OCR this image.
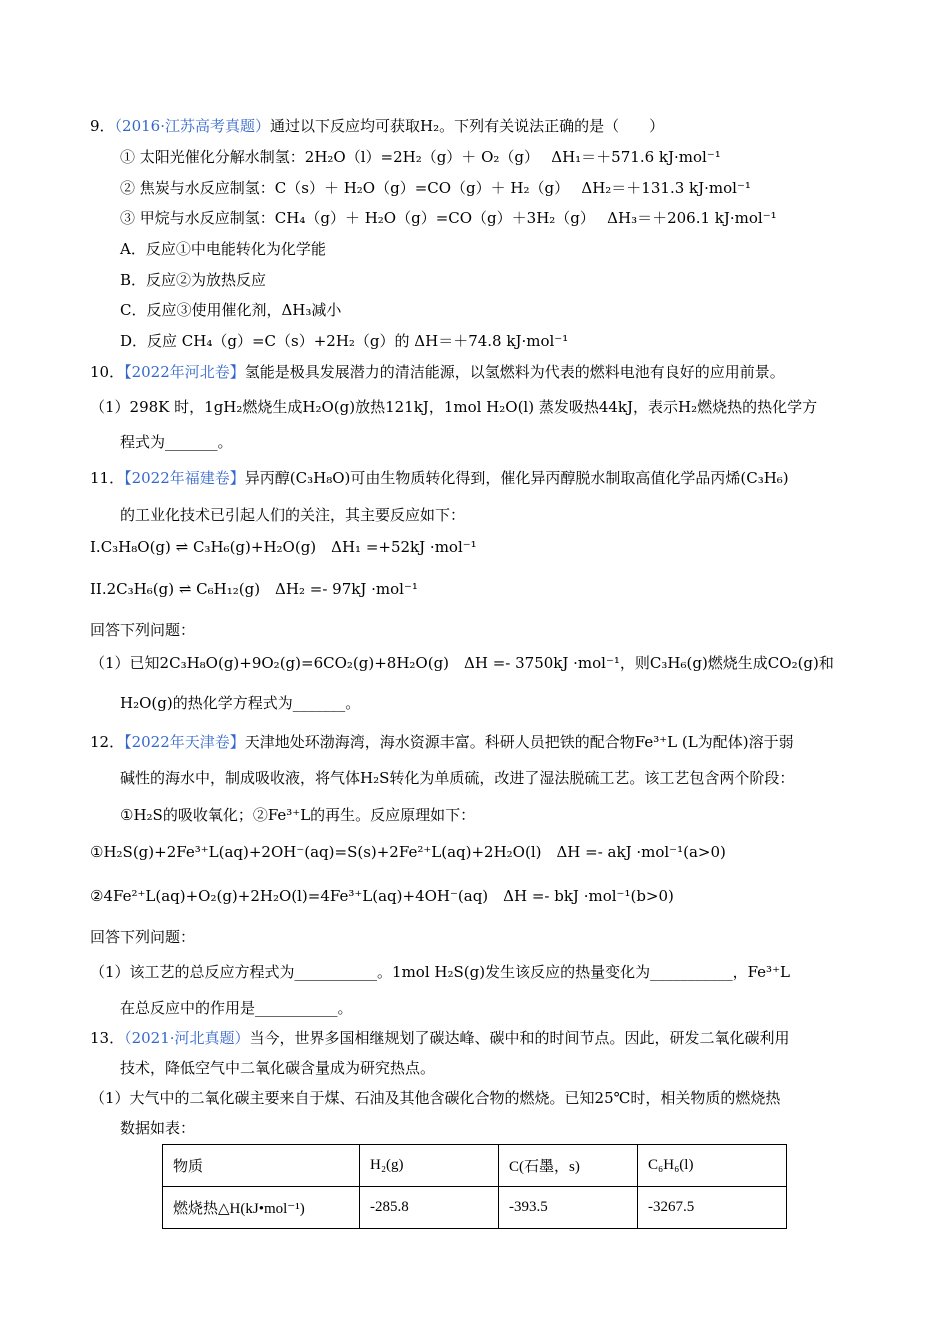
9．（2016·江苏高考真题）通过以下反应均可获取H₂。下列有关说法正确的是（　　）
① 太阳光催化分解水制氢：2H₂O（l）=2H₂（g）＋ O₂（g）　 ΔH₁＝＋571.6 kJ·mol⁻¹
② 焦炭与水反应制氢：C（s）＋ H₂O（g）=CO（g）＋ H₂（g）　 ΔH₂＝＋131.3 kJ·mol⁻¹
③ 甲烷与水反应制氢：CH₄（g）＋ H₂O（g）=CO（g）＋3H₂（g）　 ΔH₃＝＋206.1 kJ·mol⁻¹
A．反应①中电能转化为化学能
B．反应②为放热反应
C．反应③使用催化剂，ΔH₃减小
D．反应 CH₄（g）=C（s）+2H₂（g）的 ΔH＝＋74.8 kJ·mol⁻¹
10．【2022年河北卷】氢能是极具发展潜力的清洁能源，以氢燃料为代表的燃料电池有良好的应用前景。
（1）298K 时，1gH₂燃烧生成H₂O(g)放热121kJ，1mol H₂O(l) 蒸发吸热44kJ，表示H₂燃烧热的热化学方
程式为_______。
11．【2022年福建卷】异丙醇(C₃H₈O)可由生物质转化得到，催化异丙醇脱水制取高值化学品丙烯(C₃H₆)
的工业化技术已引起人们的关注，其主要反应如下：
I.C₃H₈O(g) ⇌ C₃H₆(g)+H₂O(g)　ΔH₁ =+52kJ ·mol⁻¹
II.2C₃H₆(g) ⇌ C₆H₁₂(g)　ΔH₂ =- 97kJ ·mol⁻¹
回答下列问题：
（1）已知2C₃H₈O(g)+9O₂(g)=6CO₂(g)+8H₂O(g)　ΔH =- 3750kJ ·mol⁻¹，则C₃H₆(g)燃烧生成CO₂(g)和
H₂O(g)的热化学方程式为_______。
12．【2022年天津卷】天津地处环渤海湾，海水资源丰富。科研人员把铁的配合物Fe³⁺L (L为配体)溶于弱
碱性的海水中，制成吸收液，将气体H₂S转化为单质硫，改进了湿法脱硫工艺。该工艺包含两个阶段：
①H₂S的吸收氧化；②Fe³⁺L的再生。反应原理如下：
①H₂S(g)+2Fe³⁺L(aq)+2OH⁻(aq)=S(s)+2Fe²⁺L(aq)+2H₂O(l)　ΔH =- akJ ·mol⁻¹(a>0)
②4Fe²⁺L(aq)+O₂(g)+2H₂O(l)=4Fe³⁺L(aq)+4OH⁻(aq)　ΔH =- bkJ ·mol⁻¹(b>0)
回答下列问题：
（1）该工艺的总反应方程式为___________。1mol H₂S(g)发生该反应的热量变化为___________，Fe³⁺L
在总反应中的作用是___________。
13．（2021·河北真题）当今，世界多国相继规划了碳达峰、碳中和的时间节点。因此，研发二氧化碳利用
技术，降低空气中二氧化碳含量成为研究热点。
（1）大气中的二氧化碳主要来自于煤、石油及其他含碳化合物的燃烧。已知25℃时，相关物质的燃烧热
数据如表：
物质	H₂(g)	C(石墨，s)	C₆H₆(l)
燃烧热△H(kJ•mol⁻¹)	-285.8	-393.5	-3267.5
